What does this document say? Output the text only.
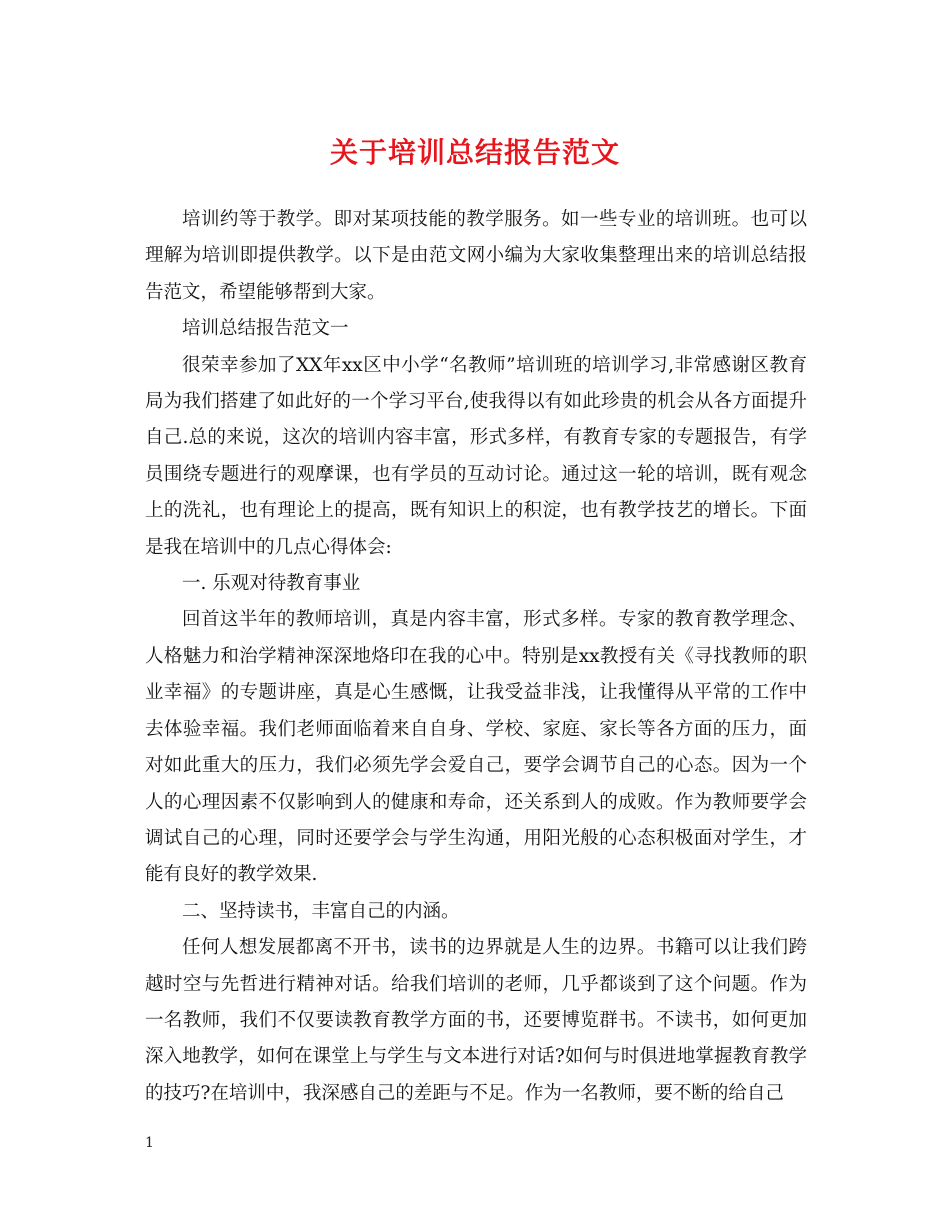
关于培训总结报告范文

培训约等于教学。即对某项技能的教学服务。如一些专业的培训班。也可以理解为培训即提供教学。以下是由范文网小编为大家收集整理出来的培训总结报告范文，希望能够帮到大家。

培训总结报告范文一

很荣幸参加了XX年xx区中小学“名教师”培训班的培训学习,非常感谢区教育局为我们搭建了如此好的一个学习平台,使我得以有如此珍贵的机会从各方面提升自己.总的来说，这次的培训内容丰富，形式多样，有教育专家的专题报告，有学员围绕专题进行的观摩课，也有学员的互动讨论。通过这一轮的培训，既有观念上的洗礼，也有理论上的提高，既有知识上的积淀，也有教学技艺的增长。下面是我在培训中的几点心得体会:

一. 乐观对待教育事业

回首这半年的教师培训，真是内容丰富，形式多样。专家的教育教学理念、人格魅力和治学精神深深地烙印在我的心中。特别是xx教授有关《寻找教师的职业幸福》的专题讲座，真是心生感慨，让我受益非浅，让我懂得从平常的工作中去体验幸福。我们老师面临着来自自身、学校、家庭、家长等各方面的压力，面对如此重大的压力，我们必须先学会爱自己，要学会调节自己的心态。因为一个人的心理因素不仅影响到人的健康和寿命，还关系到人的成败。作为教师要学会调试自己的心理，同时还要学会与学生沟通，用阳光般的心态积极面对学生，才能有良好的教学效果.

二、坚持读书，丰富自己的内涵。

任何人想发展都离不开书，读书的边界就是人生的边界。书籍可以让我们跨越时空与先哲进行精神对话。给我们培训的老师，几乎都谈到了这个问题。作为一名教师，我们不仅要读教育教学方面的书，还要博览群书。不读书，如何更加深入地教学，如何在课堂上与学生与文本进行对话?如何与时俱进地掌握教育教学的技巧?在培训中，我深感自己的差距与不足。作为一名教师，要不断的给自己

1
